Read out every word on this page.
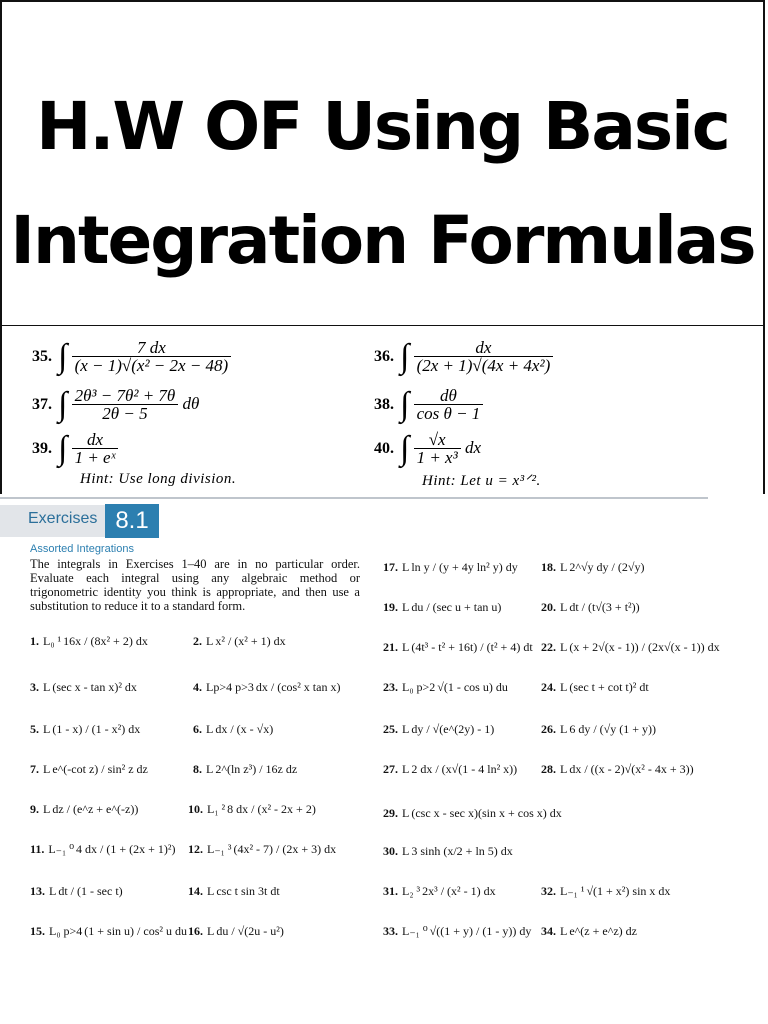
H.W OF Using Basic
Integration Formulas
35. ∫ $\frac{7 dx}{\text{(x − 1)√(x² − 2x − 48)}}$	36. ∫ $\frac{dx}{\text{(2x + 1)√(4x + 4x²)}}$
37. ∫ $\frac{\text{2θ³ − 7θ² + 7θ}}{2\theta - 5}$ dθ	38. ∫ $\frac{d\theta}{\text{cos θ − 1}}$
39. ∫ $\frac{dx}{\text{1 + eˣ}}$	40. ∫ $\frac{√x}{\text{1 + x³}}$ dx
Hint: Use long division.	Hint: Let u = x³ᐟ².
Exercises 8.1
Assorted Integrations
The integrals in Exercises 1–40 are in no particular order. Evaluate each integral using any algebraic method or trigonometric identity you think is appropriate, and then use a substitution to reduce it to a standard form.
1. L₀ ¹ 16x / (8x² + 2) dx	2. L x² / (x² + 1) dx
3. L (sec x - tan x)² dx	4. Lp>4 p>3 dx / (cos² x tan x)
5. L (1 - x) / (1 - x²) dx	6. L dx / (x - √x)
7. L e^(-cot z) / sin² z dz	8. L 2^(ln z³) / 16z dz
9. L dz / (e^z + e^(-z))	10. L₁ ² 8 dx / (x² - 2x + 2)
11. L₋₁ ⁰ 4 dx / (1 + (2x + 1)²) 12. L₋₁ ³ (4x² - 7) / (2x + 3) dx
13. L dt / (1 - sec t)	14. L csc t sin 3t dt
15. L₀ p>4 (1 + sin u) / cos² u du 16. L du / √(2u - u²)
17. L ln y / (y + 4y ln² y) dy 18. L 2^√y dy / (2√y)
19. L du / (sec u + tan u)	20. L dt / (t√(3 + t²))
21. L (4t³ - t² + 16t) / (t² + 4) dt 22. L (x + 2√(x - 1)) / (2x√(x - 1)) dx
23. L₀ p>2 √(1 - cos u) du	24. L (sec t + cot t)² dt
25. L dy / √(e^(2y) - 1)	26. L 6 dy / (√y (1 + y))
27. L 2 dx / (x√(1 - 4 ln² x)) 28. L dx / ((x - 2)√(x² - 4x + 3))
29. L (csc x - sec x)(sin x + cos x) dx
30. L 3 sinh (x/2 + ln 5) dx
31. L₂ ³ 2x³ / (x² - 1) dx	32. L₋₁ ¹ √(1 + x²) sin x dx
33. L₋₁ ⁰ √((1 + y) / (1 - y)) dy 34. L e^(z + e^z) dz
